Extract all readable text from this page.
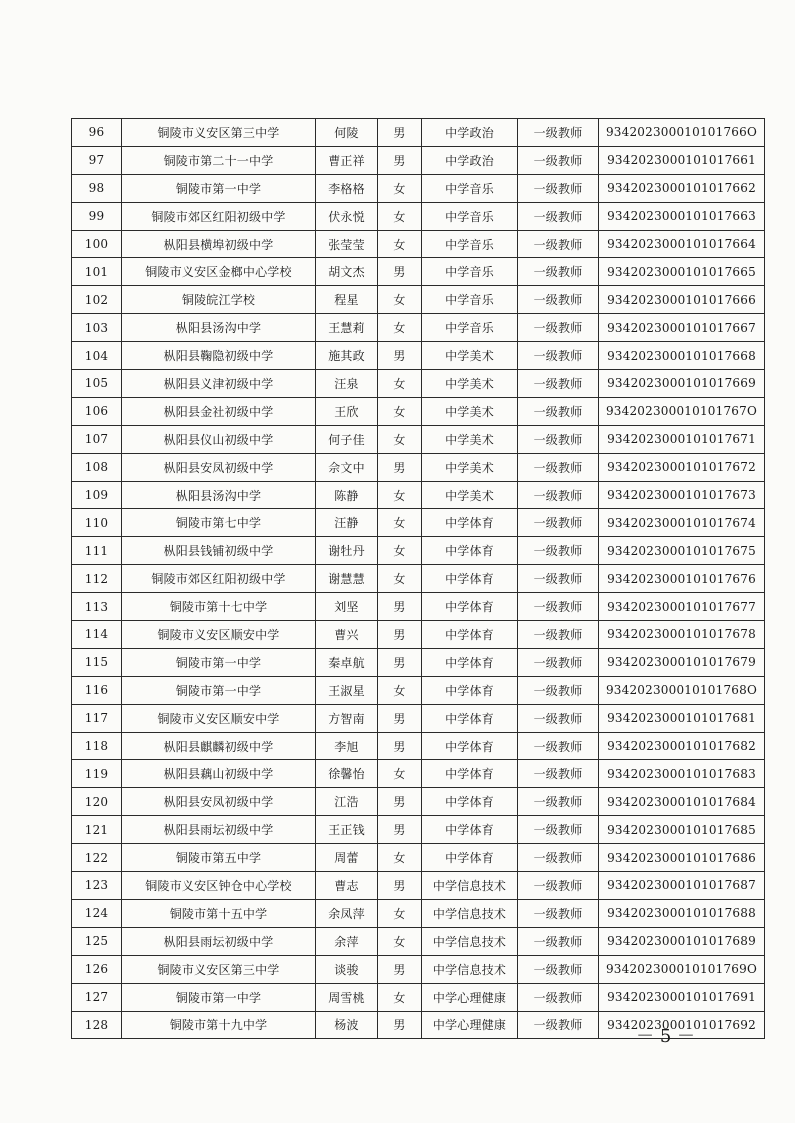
96	铜陵市义安区第三中学	何陵	男	中学政治	一级教师	934202300010101766O
97	铜陵市第二十一中学	曹正祥	男	中学政治	一级教师	9342023000101017661
98	铜陵市第一中学	李格格	女	中学音乐	一级教师	9342023000101017662
99	铜陵市郊区红阳初级中学	伏永悦	女	中学音乐	一级教师	9342023000101017663
100	枞阳县横埠初级中学	张莹莹	女	中学音乐	一级教师	9342023000101017664
101	铜陵市义安区金榔中心学校	胡文杰	男	中学音乐	一级教师	9342023000101017665
102	铜陵皖江学校	程星	女	中学音乐	一级教师	9342023000101017666
103	枞阳县汤沟中学	王慧莉	女	中学音乐	一级教师	9342023000101017667
104	枞阳县鞠隐初级中学	施其政	男	中学美术	一级教师	9342023000101017668
105	枞阳县义津初级中学	汪泉	女	中学美术	一级教师	9342023000101017669
106	枞阳县金社初级中学	王欣	女	中学美术	一级教师	934202300010101767O
107	枞阳县仪山初级中学	何子佳	女	中学美术	一级教师	9342023000101017671
108	枞阳县安凤初级中学	佘文中	男	中学美术	一级教师	9342023000101017672
109	枞阳县汤沟中学	陈静	女	中学美术	一级教师	9342023000101017673
110	铜陵市第七中学	汪静	女	中学体育	一级教师	9342023000101017674
111	枞阳县钱铺初级中学	谢牡丹	女	中学体育	一级教师	9342023000101017675
112	铜陵市郊区红阳初级中学	谢慧慧	女	中学体育	一级教师	9342023000101017676
113	铜陵市第十七中学	刘坚	男	中学体育	一级教师	9342023000101017677
114	铜陵市义安区顺安中学	曹兴	男	中学体育	一级教师	9342023000101017678
115	铜陵市第一中学	秦卓航	男	中学体育	一级教师	9342023000101017679
116	铜陵市第一中学	王淑星	女	中学体育	一级教师	934202300010101768O
117	铜陵市义安区顺安中学	方智南	男	中学体育	一级教师	9342023000101017681
118	枞阳县麒麟初级中学	李旭	男	中学体育	一级教师	9342023000101017682
119	枞阳县藕山初级中学	徐馨怡	女	中学体育	一级教师	9342023000101017683
120	枞阳县安凤初级中学	江浩	男	中学体育	一级教师	9342023000101017684
121	枞阳县雨坛初级中学	王正钱	男	中学体育	一级教师	9342023000101017685
122	铜陵市第五中学	周蕾	女	中学体育	一级教师	9342023000101017686
123	铜陵市义安区钟仓中心学校	曹志	男	中学信息技术	一级教师	9342023000101017687
124	铜陵市第十五中学	余凤萍	女	中学信息技术	一级教师	9342023000101017688
125	枞阳县雨坛初级中学	余萍	女	中学信息技术	一级教师	9342023000101017689
126	铜陵市义安区第三中学	谈骏	男	中学信息技术	一级教师	934202300010101769O
127	铜陵市第一中学	周雪桃	女	中学心理健康	一级教师	9342023000101017691
128	铜陵市第十九中学	杨波	男	中学心理健康	一级教师	9342023000101017692
－ 5 －
